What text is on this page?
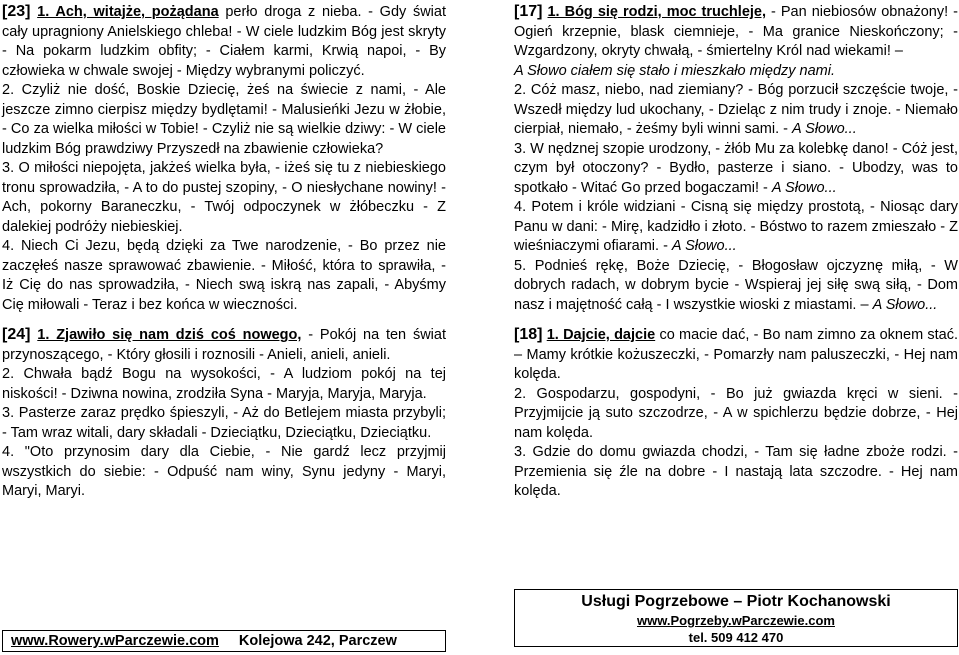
[23] 1. Ach, witajże, pożądana perło droga z nieba. - Gdy świat cały upragniony Anielskiego chleba! - W ciele ludzkim Bóg jest skryty - Na pokarm ludzkim obfity; - Ciałem karmi, Krwią napoi, - By człowieka w chwale swojej - Między wybranymi policzyć.

2. Czyliż nie dość, Boskie Dziecię, żeś na świecie z nami, - Ale jeszcze zimno cierpisz między bydlętami! - Malusieńki Jezu w żłobie, - Co za wielka miłości w Tobie! - Czyliż nie są wielkie dziwy: - W ciele ludzkim Bóg prawdziwy Przyszedł na zbawienie człowieka?

3. O miłości niepojęta, jakżeś wielka była, - iżeś się tu z niebieskiego tronu sprowadziła, - A to do pustej szopiny, - O niesłychane nowiny! - Ach, pokorny Baraneczku, - Twój odpoczynek w żłóbeczku - Z dalekiej podróży niebieskiej.

4. Niech Ci Jezu, będą dzięki za Twe narodzenie, - Bo przez nie zaczęłeś nasze sprawować zbawienie. - Miłość, która to sprawiła, - Iż Cię do nas sprowadziła, - Niech swą iskrą nas zapali, - Abyśmy Cię miłowali - Teraz i bez końca w wieczności.

[24] 1. Zjawiło się nam dziś coś nowego, - Pokój na ten świat przynoszącego, - Który głosili i roznosili - Anieli, anieli, anieli.

2. Chwała bądź Bogu na wysokości, - A ludziom pokój na tej niskości! - Dziwna nowina, zrodziła Syna - Maryja, Maryja, Maryja.

3. Pasterze zaraz prędko śpieszyli, - Aż do Betlejem miasta przybyli; - Tam wraz witali, dary składali - Dzieciątku, Dzieciątku, Dzieciątku.

4. "Oto przynosim dary dla Ciebie, - Nie gardź lecz przyjmij wszystkich do siebie: - Odpuść nam winy, Synu jedyny - Maryi, Maryi, Maryi.

www.Rowery.wParczewie.com Kolejowa 242, Parczew

[17] 1. Bóg się rodzi, moc truchleje, - Pan niebiosów obnażony! - Ogień krzepnie, blask ciemnieje, - Ma granice Nieskończony; - Wzgardzony, okryty chwałą, - śmiertelny Król nad wiekami! –

A Słowo ciałem się stało i mieszkało między nami.

2. Cóż masz, niebo, nad ziemiany? - Bóg porzucił szczęście twoje, - Wszedł między lud ukochany, - Dzieląc z nim trudy i znoje. - Niemało cierpiał, niemało, - żeśmy byli winni sami. - A Słowo...

3. W nędznej szopie urodzony, - żłób Mu za kolebkę dano! - Cóż jest, czym był otoczony? - Bydło, pasterze i siano. - Ubodzy, was to spotkało - Witać Go przed bogaczami! - A Słowo...

4. Potem i króle widziani - Cisną się między prostotą, - Niosąc dary Panu w dani: - Mirę, kadzidło i złoto. - Bóstwo to razem zmieszało - Z wieśniaczymi ofiarami. - A Słowo...

5. Podnieś rękę, Boże Dziecię, - Błogosław ojczyznę miłą, - W dobrych radach, w dobrym bycie - Wspieraj jej siłę swą siłą, - Dom nasz i majętność całą - I wszystkie wioski z miastami. – A Słowo...

[18] 1. Dajcie, dajcie co macie dać, - Bo nam zimno za oknem stać. – Mamy krótkie kożuszeczki, - Pomarzły nam paluszeczki, - Hej nam kolęda.

2. Gospodarzu, gospodyni, - Bo już gwiazda kręci w sieni. - Przyjmijcie ją suto szczodrze, - A w spichlerzu będzie dobrze, - Hej nam kolęda.

3. Gdzie do domu gwiazda chodzi, - Tam się ładne zboże rodzi. - Przemienia się źle na dobre - I nastają lata szczodre. - Hej nam kolęda.

Usługi Pogrzebowe – Piotr Kochanowski
www.Pogrzeby.wParczewie.com
tel. 509 412 470
